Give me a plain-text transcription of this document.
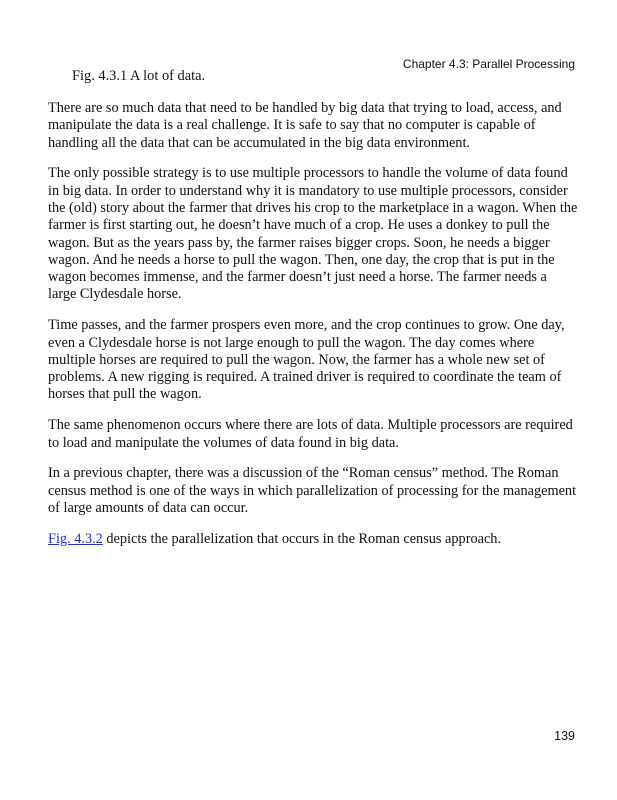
Chapter 4.3: Parallel Processing
Fig. 4.3.1 A lot of data.

There are so much data that need to be handled by big data that trying to load, access, and manipulate the data is a real challenge. It is safe to say that no computer is capable of handling all the data that can be accumulated in the big data environment.

The only possible strategy is to use multiple processors to handle the volume of data found in big data. In order to understand why it is mandatory to use multiple processors, consider the (old) story about the farmer that drives his crop to the marketplace in a wagon. When the farmer is first starting out, he doesn’t have much of a crop. He uses a donkey to pull the wagon. But as the years pass by, the farmer raises bigger crops. Soon, he needs a bigger wagon. And he needs a horse to pull the wagon. Then, one day, the crop that is put in the wagon becomes immense, and the farmer doesn’t just need a horse. The farmer needs a large Clydesdale horse.

Time passes, and the farmer prospers even more, and the crop continues to grow. One day, even a Clydesdale horse is not large enough to pull the wagon. The day comes where multiple horses are required to pull the wagon. Now, the farmer has a whole new set of problems. A new rigging is required. A trained driver is required to coordinate the team of horses that pull the wagon.

The same phenomenon occurs where there are lots of data. Multiple processors are required to load and manipulate the volumes of data found in big data.

In a previous chapter, there was a discussion of the “Roman census” method. The Roman census method is one of the ways in which parallelization of processing for the management of large amounts of data can occur.

Fig. 4.3.2 depicts the parallelization that occurs in the Roman census approach.

139
